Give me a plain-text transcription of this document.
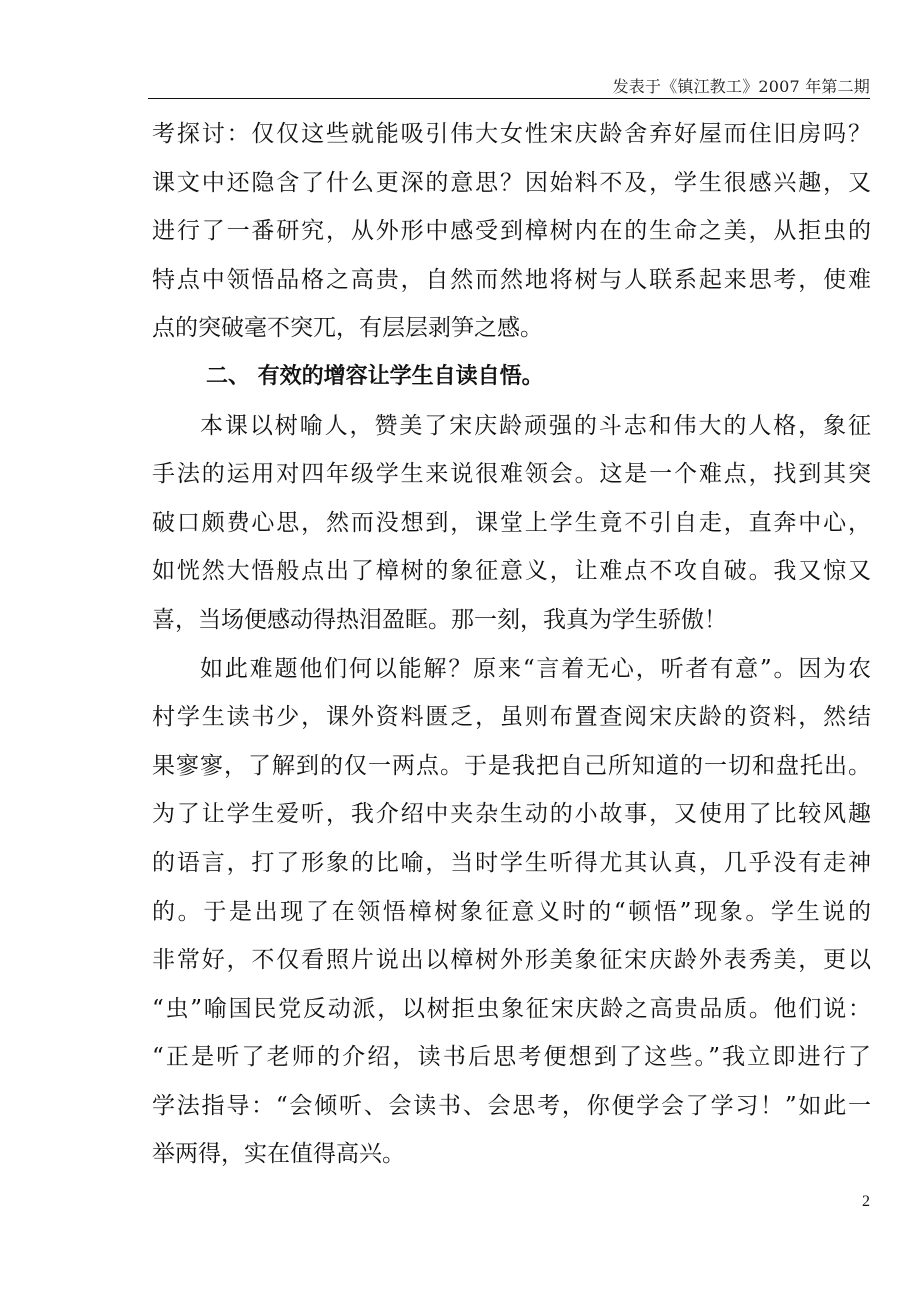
发表于《镇江教工》2007 年第二期
考探讨：仅仅这些就能吸引伟大女性宋庆龄舍弃好屋而住旧房吗？
课文中还隐含了什么更深的意思？因始料不及，学生很感兴趣，又
进行了一番研究，从外形中感受到樟树内在的生命之美，从拒虫的
特点中领悟品格之高贵，自然而然地将树与人联系起来思考，使难
点的突破毫不突兀，有层层剥笋之感。
二、 有效的增容让学生自读自悟。
本课以树喻人，赞美了宋庆龄顽强的斗志和伟大的人格，象征
手法的运用对四年级学生来说很难领会。这是一个难点，找到其突
破口颇费心思，然而没想到，课堂上学生竟不引自走，直奔中心，
如恍然大悟般点出了樟树的象征意义，让难点不攻自破。我又惊又
喜，当场便感动得热泪盈眶。那一刻，我真为学生骄傲！
如此难题他们何以能解？原来“言着无心，听者有意”。因为农
村学生读书少，课外资料匮乏，虽则布置查阅宋庆龄的资料，然结
果寥寥，了解到的仅一两点。于是我把自己所知道的一切和盘托出。
为了让学生爱听，我介绍中夹杂生动的小故事，又使用了比较风趣
的语言，打了形象的比喻，当时学生听得尤其认真，几乎没有走神
的。于是出现了在领悟樟树象征意义时的“顿悟”现象。学生说的
非常好，不仅看照片说出以樟树外形美象征宋庆龄外表秀美，更以
“虫”喻国民党反动派，以树拒虫象征宋庆龄之高贵品质。他们说：
“正是听了老师的介绍，读书后思考便想到了这些。”我立即进行了
学法指导：“会倾听、会读书、会思考，你便学会了学习！”如此一
举两得，实在值得高兴。
2
